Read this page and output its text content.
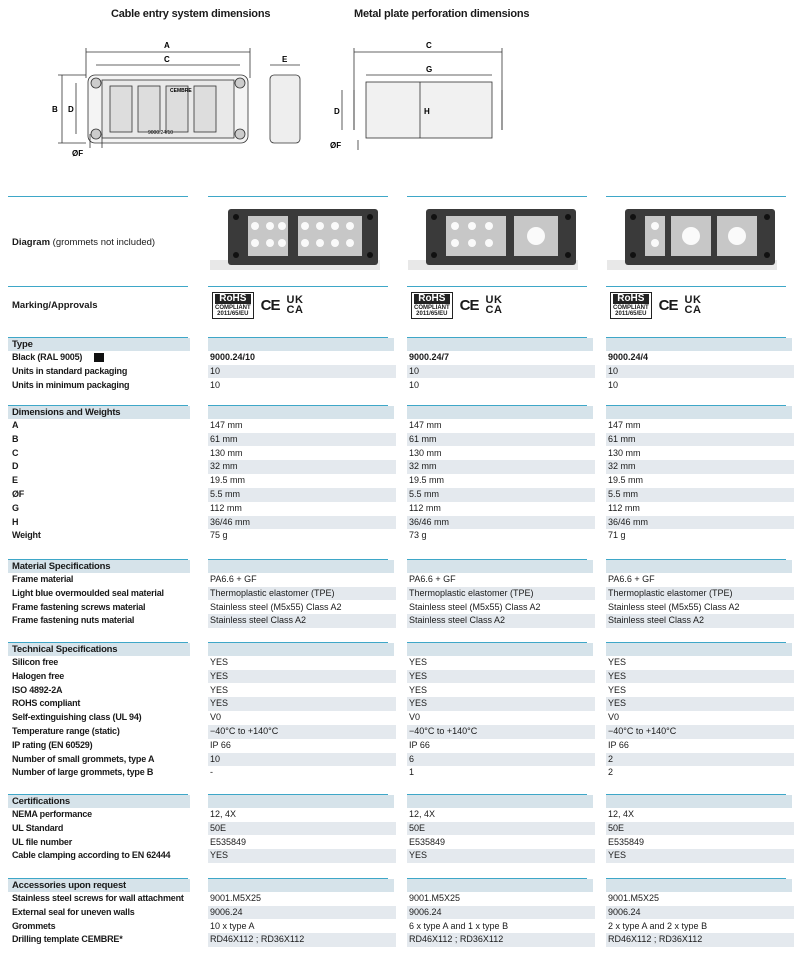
Cable entry system dimensions	Metal plate perforation dimensions
A
C
B D
ØF
E
9000.24/10
CEMBRE
C
G
H
D
ØF
Diagram (grommets not included)
Marking/Approvals
RoHS
COMPLIANT
2011/65/EU CE UK
CA
RoHS
COMPLIANT
2011/65/EU CE UK
CA
RoHS
COMPLIANT
2011/65/EU CE UK
CA
Type
Black (RAL 9005)	9000.24/10	9000.24/7	9000.24/4
Units in standard packaging	10	10	10
Units in minimum packaging	10	10	10
Dimensions and Weights
A	147 mm	147 mm	147 mm
B	61 mm	61 mm	61 mm
C	130 mm	130 mm	130 mm
D	32 mm	32 mm	32 mm
E	19.5 mm	19.5 mm	19.5 mm
ØF	5.5 mm	5.5 mm	5.5 mm
G	112 mm	112 mm	112 mm
H	36/46 mm	36/46 mm	36/46 mm
Weight	75 g	73 g	71 g
Material Specifications
Frame material	PA6.6 + GF	PA6.6 + GF	PA6.6 + GF
Light blue overmoulded seal material	Thermoplastic elastomer (TPE)	Thermoplastic elastomer (TPE)	Thermoplastic elastomer (TPE)
Frame fastening screws material	Stainless steel (M5x55) Class A2	Stainless steel (M5x55) Class A2	Stainless steel (M5x55) Class A2
Frame fastening nuts material	Stainless steel Class A2	Stainless steel Class A2	Stainless steel Class A2
Technical Specifications
Silicon free	YES	YES	YES
Halogen free	YES	YES	YES
ISO 4892-2A	YES	YES	YES
ROHS compliant	YES	YES	YES
Self-extinguishing class (UL 94)	V0	V0	V0
Temperature range (static)	−40°C to +140°C	−40°C to +140°C	−40°C to +140°C
IP rating (EN 60529)	IP 66	IP 66	IP 66
Number of small grommets, type A	10	6	2
Number of large grommets, type B	-	1	2
Certifications
NEMA performance	12, 4X	12, 4X	12, 4X
UL Standard	50E	50E	50E
UL file number	E535849	E535849	E535849
Cable clamping according to EN 62444	YES	YES	YES
Accessories upon request
Stainless steel screws for wall attachment	9001.M5X25	9001.M5X25	9001.M5X25
External seal for uneven walls	9006.24	9006.24	9006.24
Grommets	10 x type A	6 x type A and 1 x type B	2 x type A and 2 x type B
Drilling template CEMBRE*	RD46X112 ; RD36X112	RD46X112 ; RD36X112	RD46X112 ; RD36X112
